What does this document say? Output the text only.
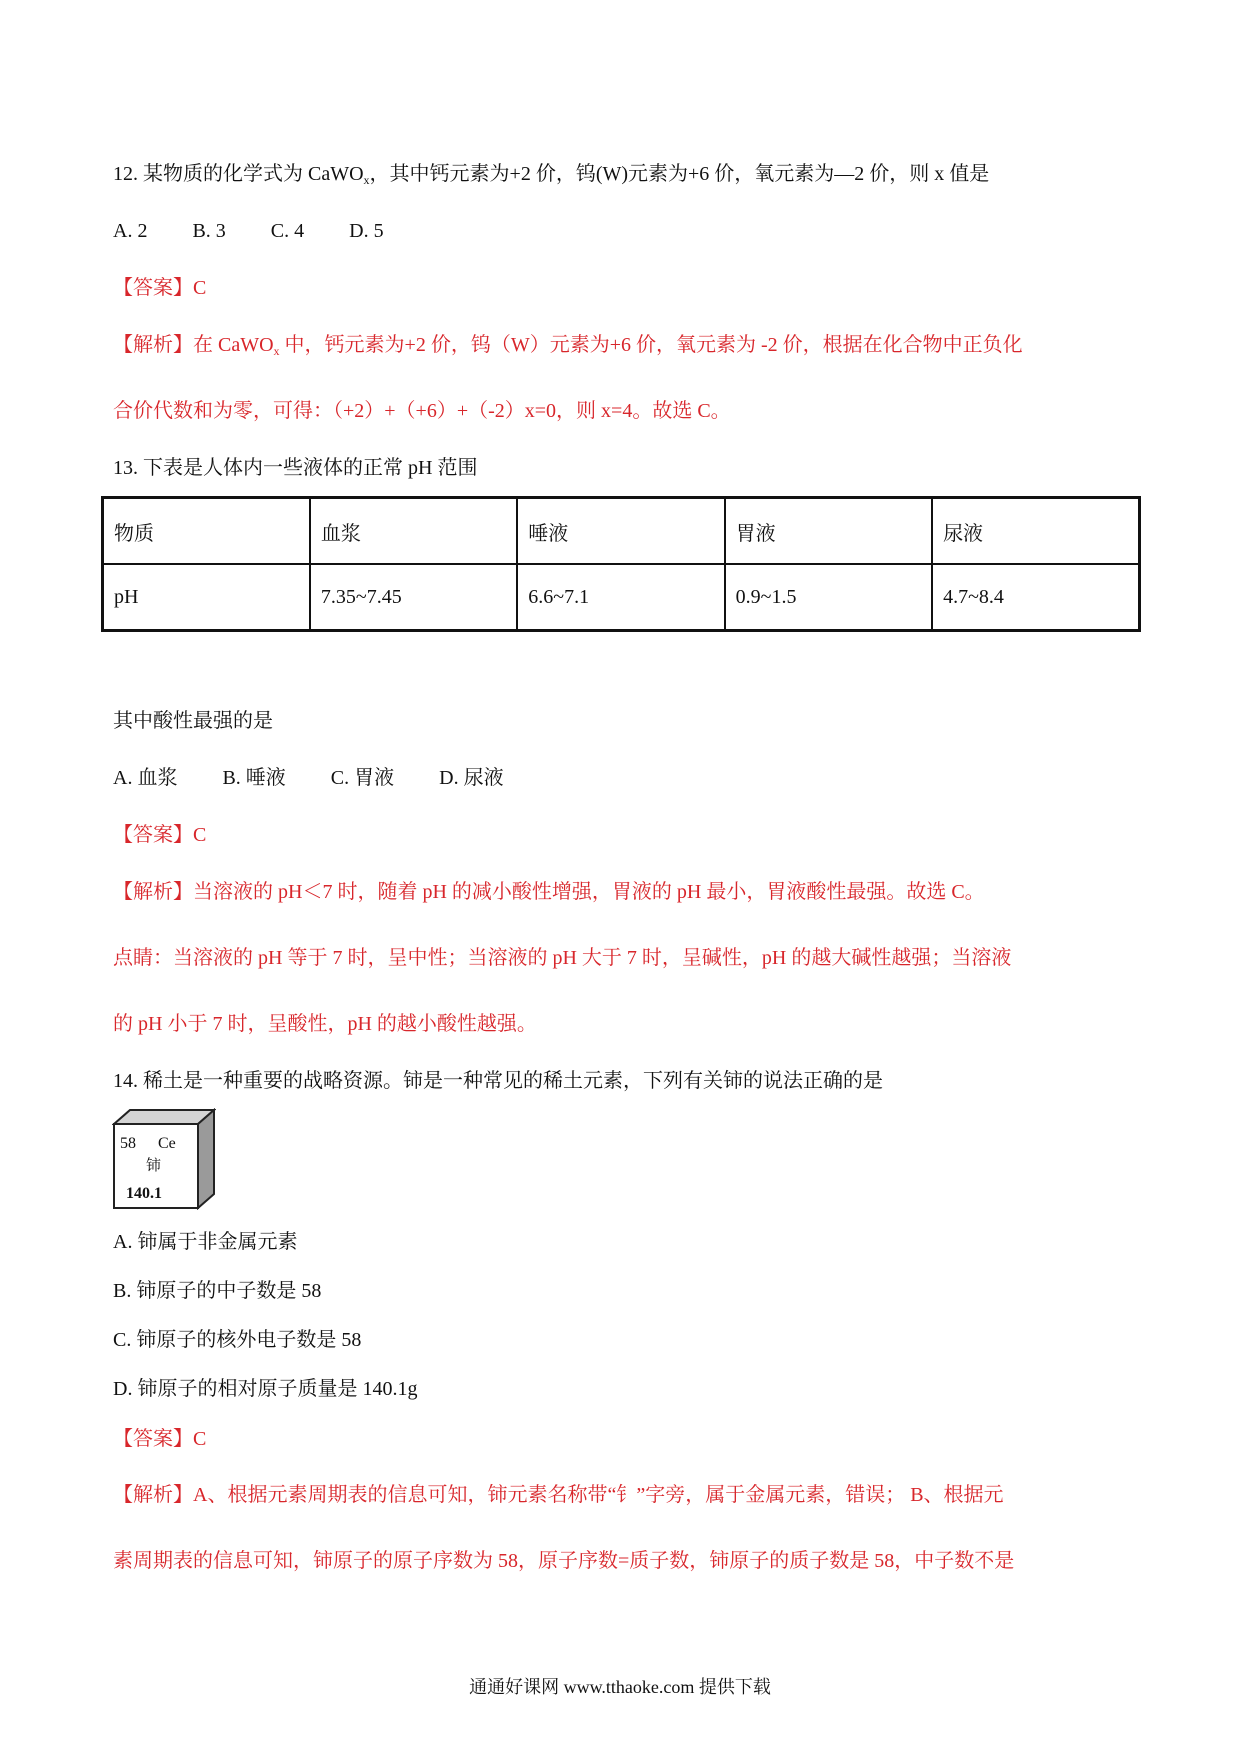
12. 某物质的化学式为 CaWO$_x$，其中钙元素为+2 价，钨(W)元素为+6 价，氧元素为—2 价，则 x 值是
A. 2 B. 3 C. 4 D. 5
【答案】C
【解析】在 CaWO$_x$ 中，钙元素为+2 价，钨（W）元素为+6 价，氧元素为 -2 价，根据在化合物中正负化
合价代数和为零，可得：（+2）+（+6）+（-2）x=0，则 x=4。故选 C。
13. 下表是人体内一些液体的正常 pH 范围
物质	血浆	唾液	胃液	尿液
pH	7.35~7.45	6.6~7.1	0.9~1.5	4.7~8.4
其中酸性最强的是
A. 血浆 B. 唾液 C. 胃液 D. 尿液
【答案】C
【解析】当溶液的 pH＜7 时，随着 pH 的减小酸性增强，胃液的 pH 最小，胃液酸性最强。故选 C。
点睛：当溶液的 pH 等于 7 时，呈中性；当溶液的 pH 大于 7 时，呈碱性，pH 的越大碱性越强；当溶液
的 pH 小于 7 时，呈酸性，pH 的越小酸性越强。
14. 稀土是一种重要的战略资源。铈是一种常见的稀土元素，下列有关铈的说法正确的是
58 Ce
铈
140.1
A. 铈属于非金属元素
B. 铈原子的中子数是 58
C. 铈原子的核外电子数是 58
D. 铈原子的相对原子质量是 140.1g
【答案】C
【解析】A、根据元素周期表的信息可知，铈元素名称带“钅”字旁，属于金属元素，错误； B、根据元
素周期表的信息可知，铈原子的原子序数为 58，原子序数=质子数，铈原子的质子数是 58，中子数不是
通通好课网 www.tthaoke.com 提供下载
